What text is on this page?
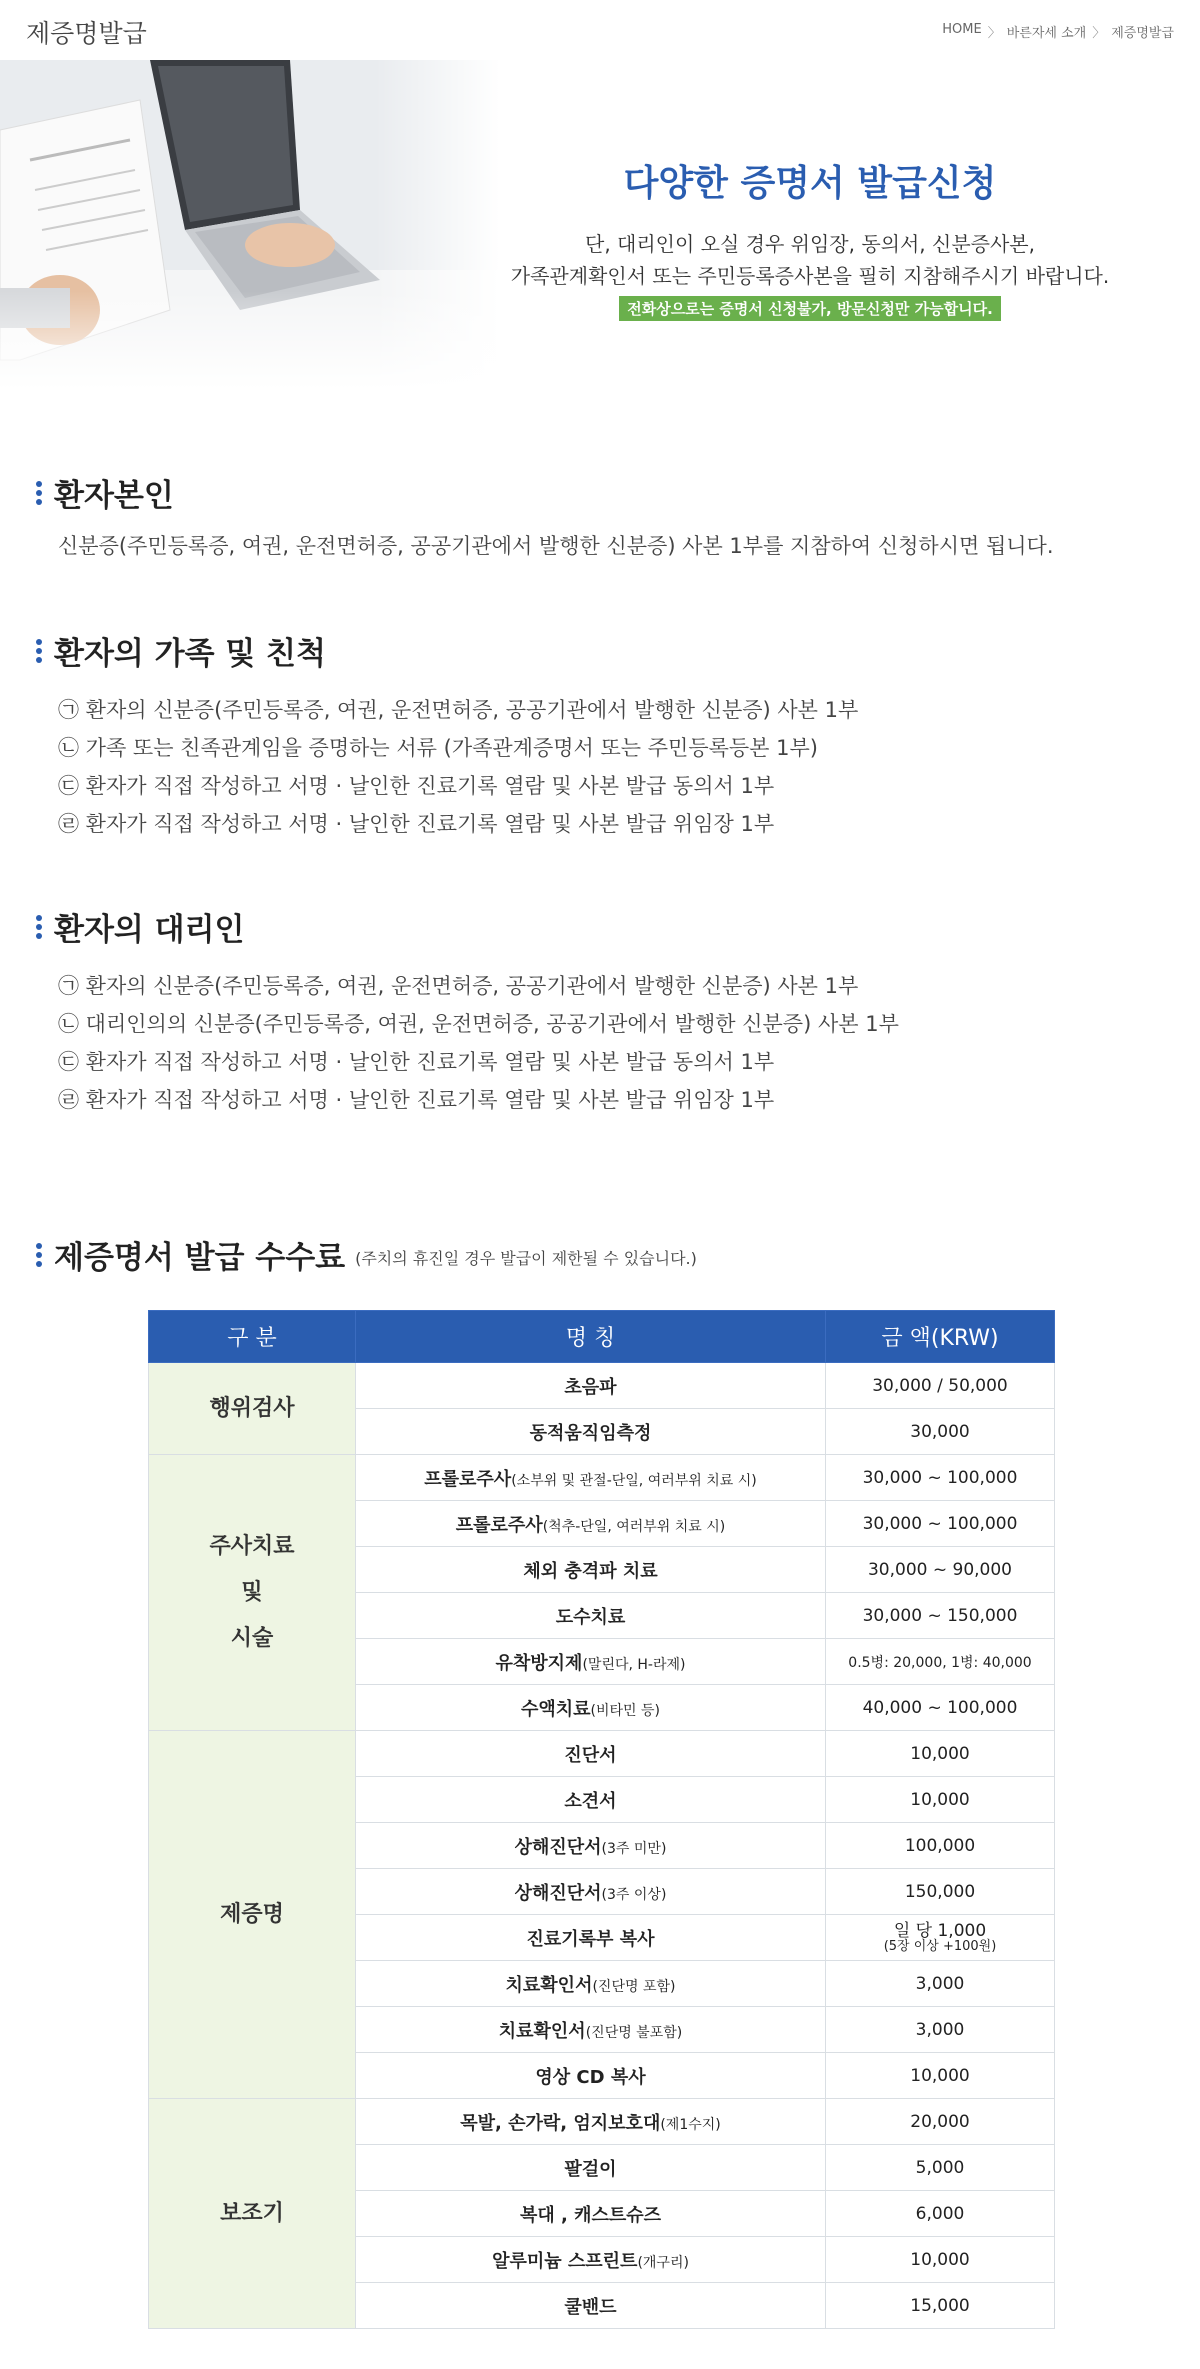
제증명발급	HOME 〉 바른자세 소개 〉 제증명발급
다양한 증명서 발급신청
단, 대리인이 오실 경우 위임장, 동의서, 신분증사본,
가족관계확인서 또는 주민등록증사본을 필히 지참해주시기 바랍니다.
전화상으로는 증명서 신청불가, 방문신청만 가능합니다.
환자본인
신분증(주민등록증, 여권, 운전면허증, 공공기관에서 발행한 신분증) 사본 1부를 지참하여 신청하시면 됩니다.
환자의 가족 및 친척
㉠ 환자의 신분증(주민등록증, 여권, 운전면허증, 공공기관에서 발행한 신분증) 사본 1부
㉡ 가족 또는 친족관계임을 증명하는 서류 (가족관계증명서 또는 주민등록등본 1부)
㉢ 환자가 직접 작성하고 서명 · 날인한 진료기록 열람 및 사본 발급 동의서 1부
㉣ 환자가 직접 작성하고 서명 · 날인한 진료기록 열람 및 사본 발급 위임장 1부
환자의 대리인
㉠ 환자의 신분증(주민등록증, 여권, 운전면허증, 공공기관에서 발행한 신분증) 사본 1부
㉡ 대리인의의 신분증(주민등록증, 여권, 운전면허증, 공공기관에서 발행한 신분증) 사본 1부
㉢ 환자가 직접 작성하고 서명 · 날인한 진료기록 열람 및 사본 발급 동의서 1부
㉣ 환자가 직접 작성하고 서명 · 날인한 진료기록 열람 및 사본 발급 위임장 1부
제증명서 발급 수수료 (주치의 휴진일 경우 발급이 제한될 수 있습니다.)
구 분	명 칭	금 액(KRW)

행위검사	초음파	30,000 / 50,000
	동적움직임측정	30,000

주사치료
및
시술	프롤로주사(소부위 및 관절-단일, 여러부위 치료 시)	30,000 ~ 100,000
	프롤로주사(척추-단일, 여러부위 치료 시)	30,000 ~ 100,000
	체외 충격파 치료	30,000 ~ 90,000
	도수치료	30,000 ~ 150,000
	유착방지제(말린다, H-라제)	0.5병: 20,000, 1병: 40,000
	수액치료(비타민 등)	40,000 ~ 100,000

제증명	진단서	10,000
	소견서	10,000
	상해진단서(3주 미만)	100,000
	상해진단서(3주 이상)	150,000
	진료기록부 복사	일 당 1,000
(5장 이상 +100원)

	치료확인서(진단명 포함)	3,000
	치료확인서(진단명 불포함)	3,000
	영상 CD 복사	10,000

보조기	목발, 손가락, 엄지보호대(제1수지)	20,000
	팔걸이	5,000
	복대 , 캐스트슈즈	6,000
	알루미늄 스프린트(개구리)	10,000
	쿨밴드	15,000
